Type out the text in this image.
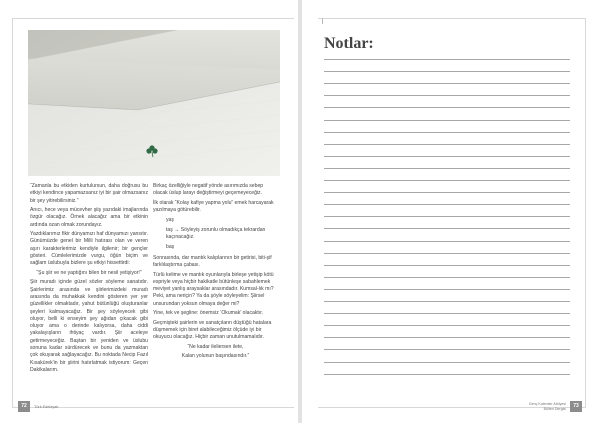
“Zamanla bu etkiden kurtulursun, daha doğrusu bu etkiyi kendince yapamazsanız iyi bir şair olmazsanız bir şey yitirebilirsiniz.”

Anıcı, hece veya mücevher şiiş yazıdaki imajlarında özgür olacağız. Örnek alacağız ama bir etkinin ardında ozan olmak zorundayız.

Yazdıklarımız fikir dünyamızı haf dünyamızı yansıtır. Günümüzde genel bir Milli hatırası olan ve veren aşırı karakterlerimiz kendiyle ilgilenir; bir gençler gösteri. Cümlelerimizde vurgu, öğün biçim ve sağlam üslubuyla bizlere şu etkiyi hissettirdi:

“Şu şiir ve ne yaptığını bilen bir nesil yetişiyor!”

Şiir muradı içinde güzel sözler söyleme sanatıdır. Şairlerimiz arasında ve şiirlerimizdeki muradı arasında da muhakkak kendini gösteren yer yer güzellikler olmaktadır, yahut bütünlüğü oluşturanlar şeyleri kalmayacağız. Bir şey söyleyecek gibi oluyor, belli ki enseyim şey ağıdan çıkacak gibi oluyor ama o derinde kalıyorsa, daha ciddi yakalayışların ihtiyaç vardır. Şiir aceleye getirmeyeceğiz. Baştan bir yeniden ve üslubu sonuna kadar sürdürecek ve bunu da yazmaktan çok okuyarak sağlayacağız. Bu noktada Necip Fazıl Kısakürek'in bir şiirini hatırlatmak istiyorum: Geçen Dakikalarım.

Birkaç özelliğiyle negatif yönde asırımızda sebep olacak üslup larayı değiştirmeyi geçemeyeceğiz.

İlk olarak “Kolay kafiye yapma yolu” emek harcayarak yazılmaya götürebilir.

yaş

taş → Söyleyiş zorunlu olmadıkça tekrardan kaçınacağız.

baş

Sonrasında, dar mantık kalıplarının bir getirisi, biti-şif farklılaştırma çabası.

Türlü kelime ve mantık oyunlarıyla birleşe yetişip kötü espriyle veya hiçbir hakikatle bütünleşe sabahlemek meviyet yanlış araysaklar arasındadır. Kumsal-lık mı? Peki, ama neriçin? Ya da şöyle söyleyelim: Şiirsel unsurundan yoksun olmaya değer mi?

Yine, tek ve şegline: önemsiz ‘Okumak’ olacaktır.

Geçmişteki şairlerin ve sanatçıların düştüğü hatalara düşmemek için biret alabileceğimiz ölçüde iyi bir okuyucu olacağız. Hiçbir zaman unutulmamalıdır.

“Ne kadar ileliersen ilete,

Kalan yolunun başındasındır.”

72	Türk Edebiyatı
Notlar:
Genç Kalemler Atölyesi
Bülten Dergisi	73
